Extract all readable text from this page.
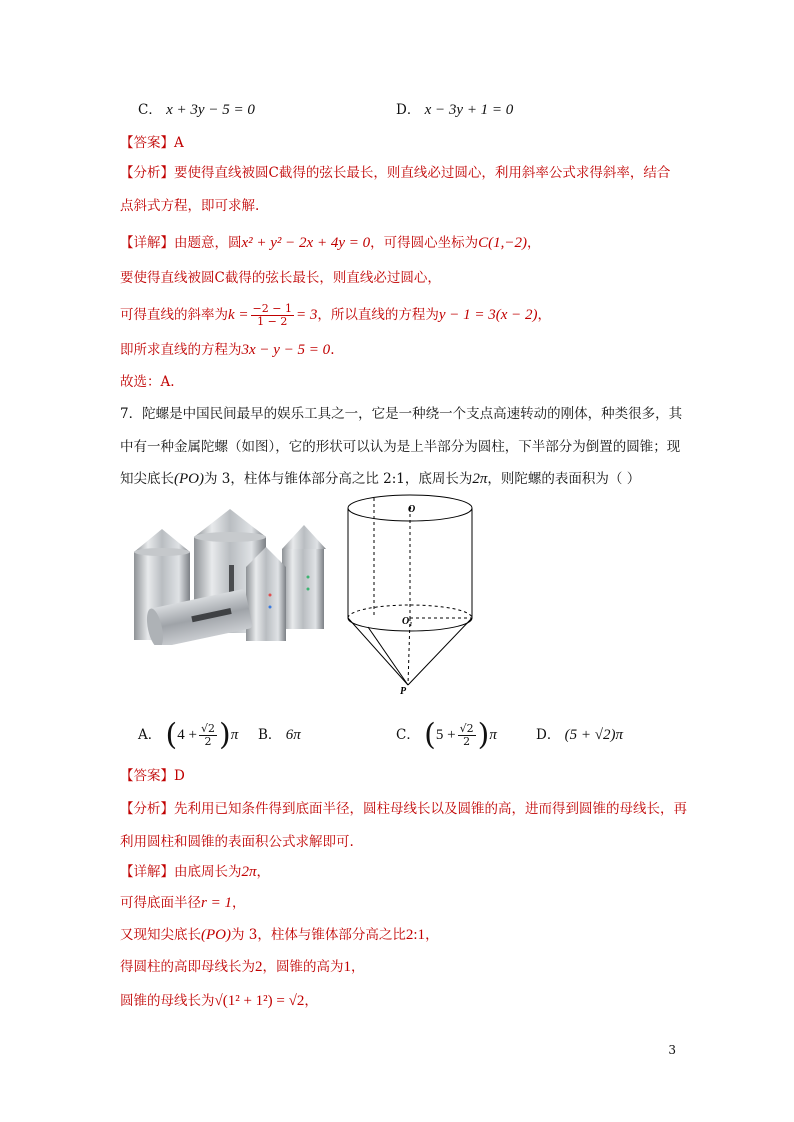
C． x + 3y − 5 = 0	D． x − 3y + 1 = 0
【答案】A
【分析】要使得直线被圆C截得的弦长最长，则直线必过圆心，利用斜率公式求得斜率，结合
点斜式方程，即可求解.
【详解】由题意，圆x² + y² − 2x + 4y = 0，可得圆心坐标为C(1,−2)，
要使得直线被圆C截得的弦长最长，则直线必过圆心，
可得直线的斜率为$k = \frac{-2 - 1}{1 - 2} = 3$，所以直线的方程为y − 1 = 3(x − 2)，
即所求直线的方程为3x − y − 5 = 0.
故选：A.
7．陀螺是中国民间最早的娱乐工具之一，它是一种绕一个支点高速转动的刚体，种类很多，其
中有一种金属陀螺（如图），它的形状可以认为是上半部分为圆柱，下半部分为倒置的圆锥；现
知尖底长(PO)为 3，柱体与锥体部分高之比 2:1，底周长为2π，则陀螺的表面积为（ ）
O
O₁
P
A． $(4 + \frac{√2}{2} )\pi$ B． 6π	C． $(5 + \frac{√2}{2} )\pi$	D． (5 + √2)π
【答案】D
【分析】先利用已知条件得到底面半径，圆柱母线长以及圆锥的高，进而得到圆锥的母线长，再
利用圆柱和圆锥的表面积公式求解即可.
【详解】由底周长为2π，
可得底面半径r = 1，
又现知尖底长(PO)为 3，柱体与锥体部分高之比2:1，
得圆柱的高即母线长为2，圆锥的高为1，
圆锥的母线长为√(1² + 1²) = √2，
3
